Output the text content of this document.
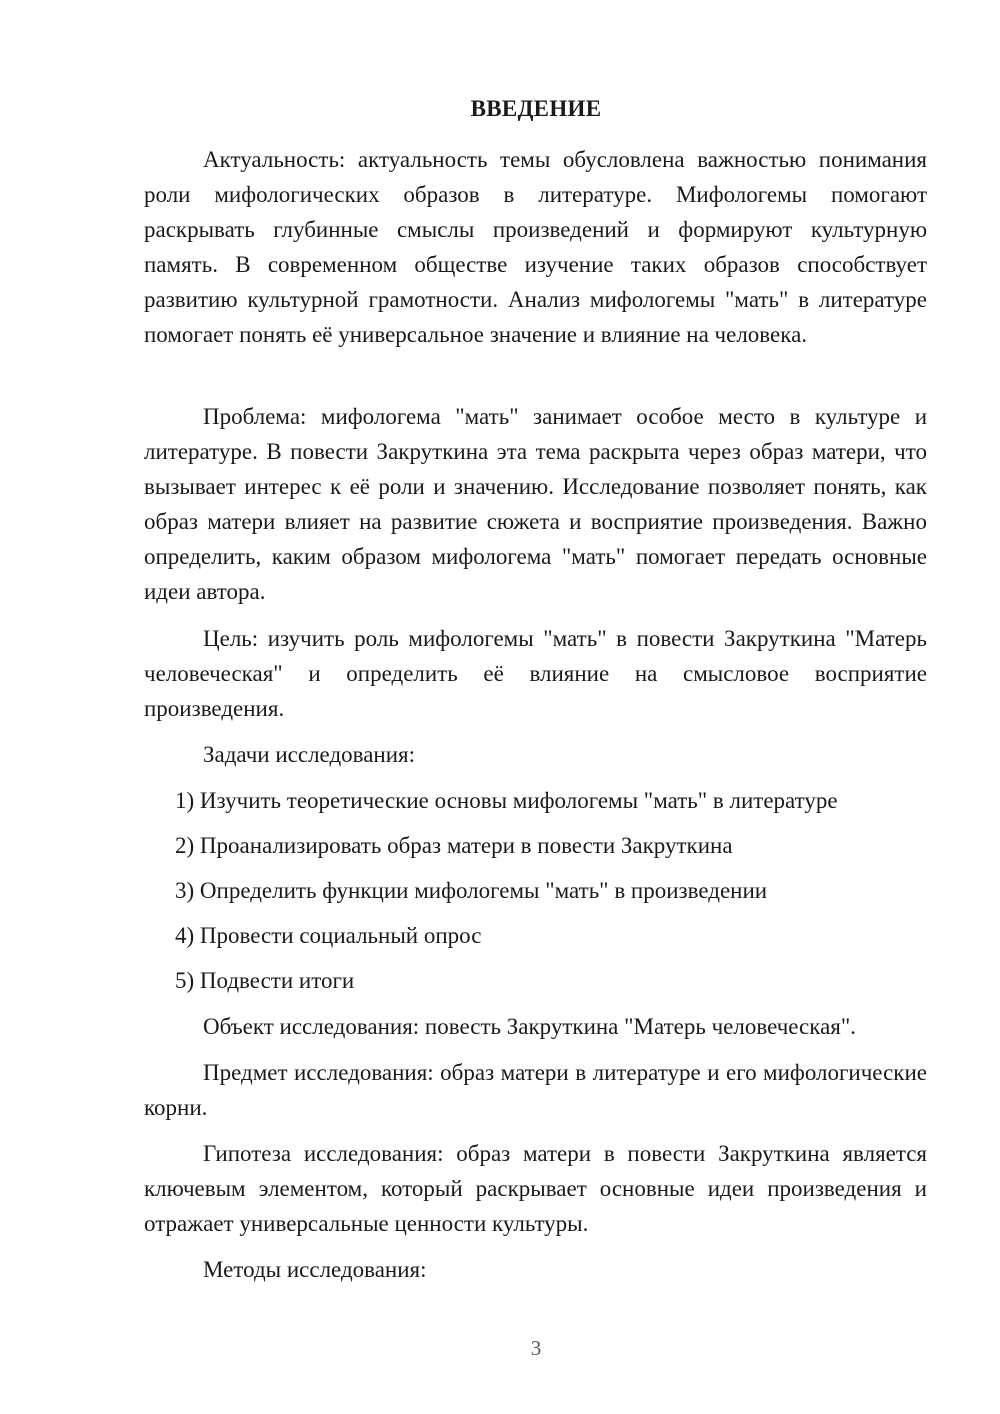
ВВЕДЕНИЕ

Актуальность: актуальность темы обусловлена важностью понимания роли мифологических образов в литературе. Мифологемы помогают раскрывать глубинные смыслы произведений и формируют культурную память. В современном обществе изучение таких образов способствует развитию культурной грамотности. Анализ мифологемы "мать" в литературе помогает понять её универсальное значение и влияние на человека.

Проблема: мифологема "мать" занимает особое место в культуре и литературе. В повести Закруткина эта тема раскрыта через образ матери, что вызывает интерес к её роли и значению. Исследование позволяет понять, как образ матери влияет на развитие сюжета и восприятие произведения. Важно определить, каким образом мифологема "мать" помогает передать основные идеи автора.

Цель: изучить роль мифологемы "мать" в повести Закруткина "Матерь человеческая" и определить её влияние на смысловое восприятие произведения.

Задачи исследования:

1) Изучить теоретические основы мифологемы "мать" в литературе

2) Проанализировать образ матери в повести Закруткина

3) Определить функции мифологемы "мать" в произведении

4) Провести социальный опрос

5) Подвести итоги

Объект исследования: повесть Закруткина "Матерь человеческая".

Предмет исследования: образ матери в литературе и его мифологические корни.

Гипотеза исследования: образ матери в повести Закруткина является ключевым элементом, который раскрывает основные идеи произведения и отражает универсальные ценности культуры.

Методы исследования:

3
